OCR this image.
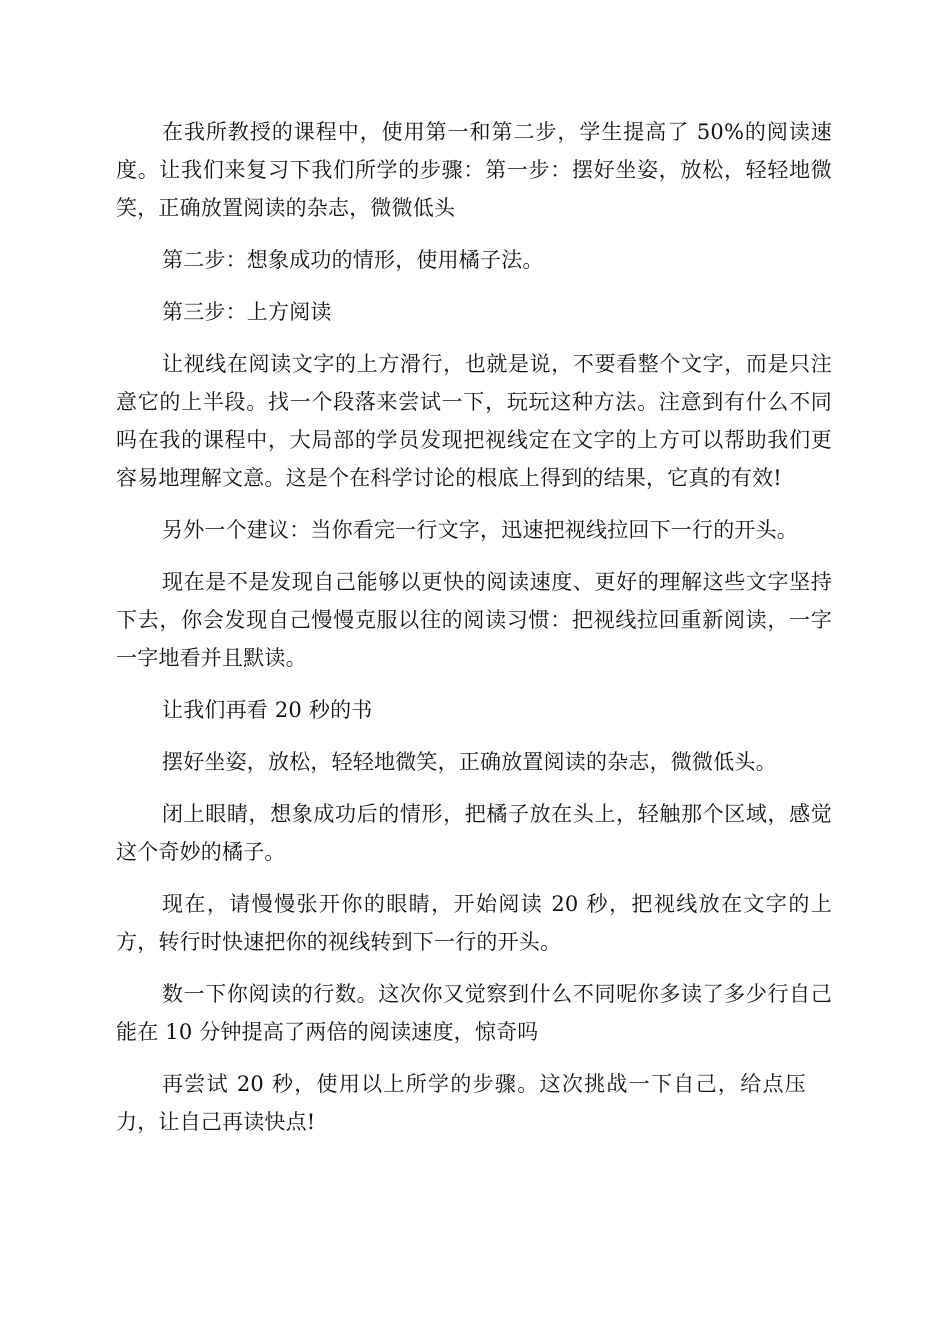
在我所教授的课程中，使用第一和第二步，学生提高了 50%的阅读速度。让我们来复习下我们所学的步骤：第一步：摆好坐姿，放松，轻轻地微笑，正确放置阅读的杂志，微微低头

第二步：想象成功的情形，使用橘子法。

第三步：上方阅读

让视线在阅读文字的上方滑行，也就是说，不要看整个文字，而是只注意它的上半段。找一个段落来尝试一下，玩玩这种方法。注意到有什么不同吗在我的课程中，大局部的学员发现把视线定在文字的上方可以帮助我们更容易地理解文意。这是个在科学讨论的根底上得到的结果，它真的有效!

另外一个建议：当你看完一行文字，迅速把视线拉回下一行的开头。

现在是不是发现自己能够以更快的阅读速度、更好的理解这些文字坚持下去，你会发现自己慢慢克服以往的阅读习惯：把视线拉回重新阅读，一字一字地看并且默读。

让我们再看 20 秒的书

摆好坐姿，放松，轻轻地微笑，正确放置阅读的杂志，微微低头。

闭上眼睛，想象成功后的情形，把橘子放在头上，轻触那个区域，感觉这个奇妙的橘子。

现在，请慢慢张开你的眼睛，开始阅读 20 秒，把视线放在文字的上方，转行时快速把你的视线转到下一行的开头。

数一下你阅读的行数。这次你又觉察到什么不同呢你多读了多少行自己能在 10 分钟提高了两倍的阅读速度，惊奇吗

再尝试 20 秒，使用以上所学的步骤。这次挑战一下自己，给点压力，让自己再读快点!
